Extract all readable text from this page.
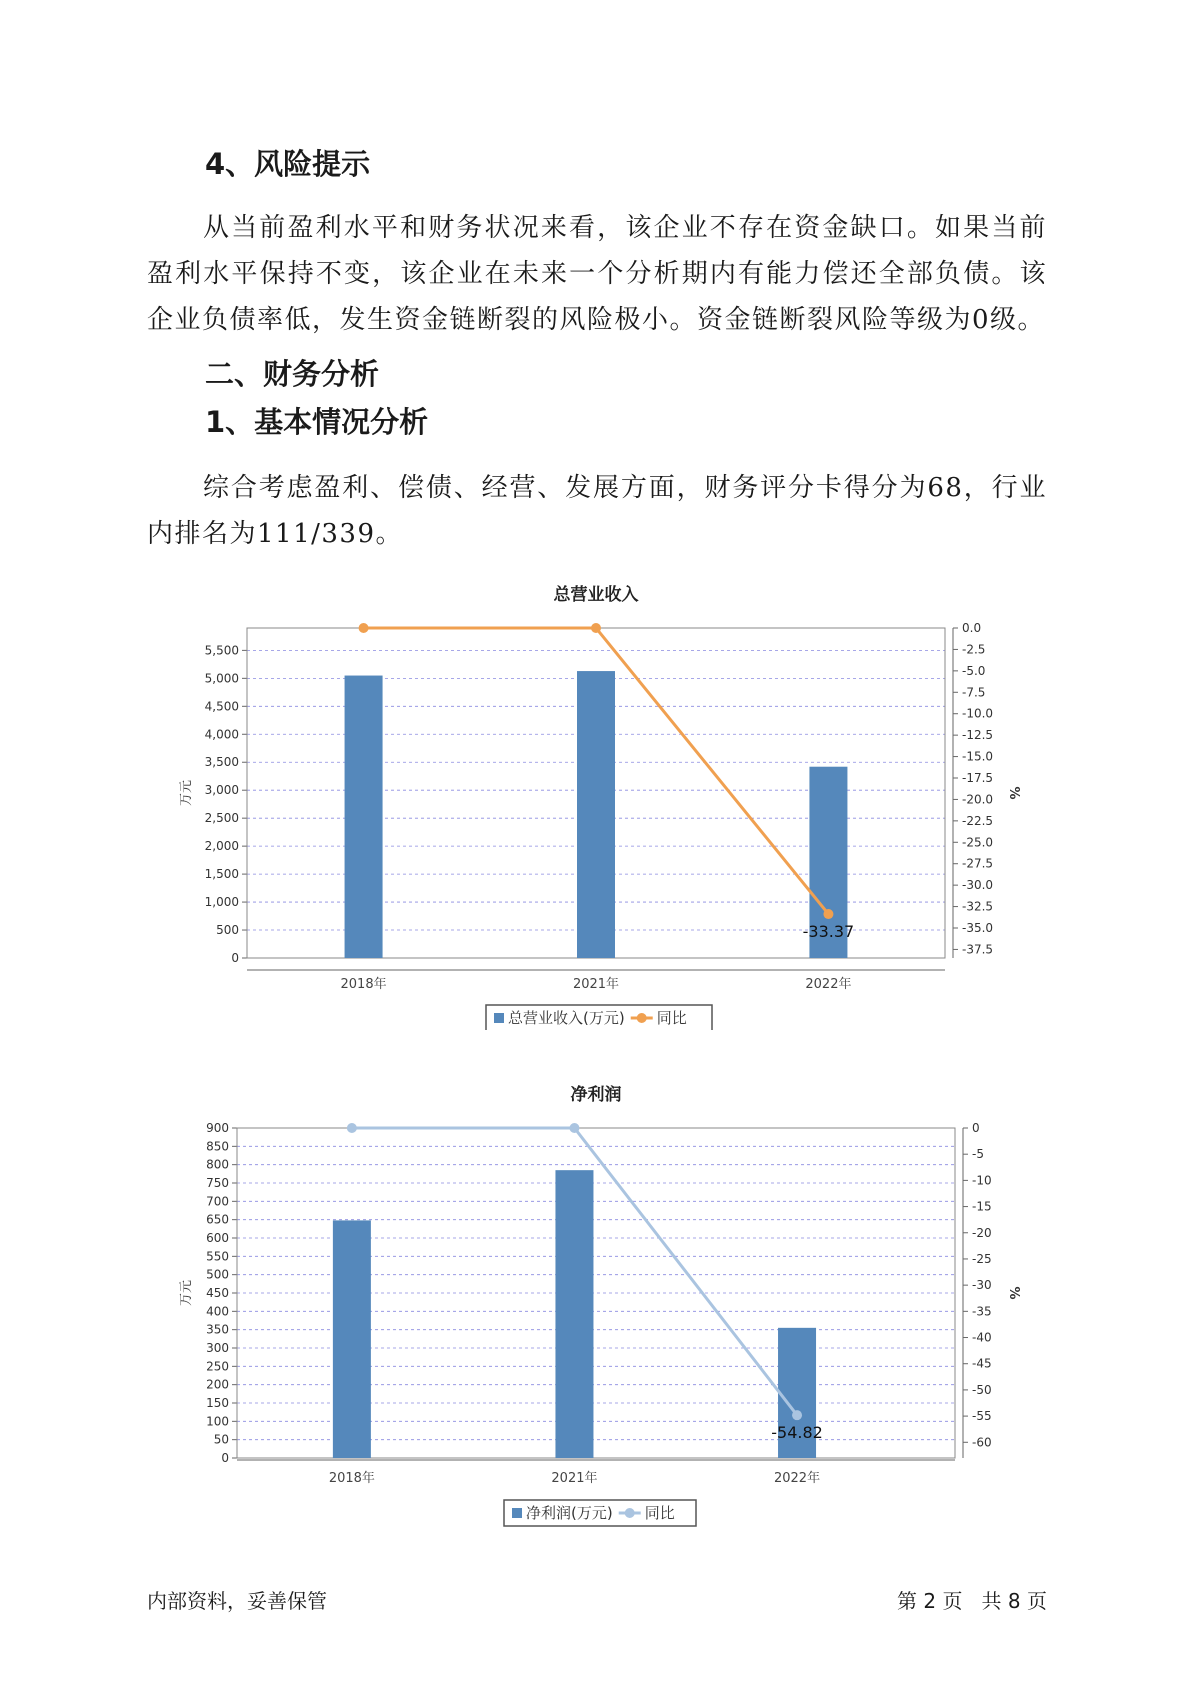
4、风险提示

从当前盈利水平和财务状况来看，该企业不存在资金缺口。如果当前盈利水平保持不变，该企业在未来一个分析期内有能力偿还全部负债。该企业负债率低，发生资金链断裂的风险极小。资金链断裂风险等级为0级。

二、财务分析
1、基本情况分析

综合考虑盈利、偿债、经营、发展方面，财务评分卡得分为68，行业内排名为111/339。

总营业收入
0
500
1,000
1,500
2,000
2,500
3,000
3,500
4,000
4,500
5,000
5,500
0.0
-2.5
-5.0
-7.5
-10.0
-12.5
-15.0
-17.5
-20.0
-22.5
-25.0
-27.5
-30.0
-32.5
-35.0
-37.5
万元	%
2018年	2021年	2022年
-33.37
总营业收入(万元) 同比
净利润
0
50
100
150
200
250
300
350
400
450
500
550
600
650
700
750
800
850
900	0
-5
-10
-15
-20
-25
-30
-35
-40
-45
-50
-55
-60
万元	%
2018年	2021年	2022年
-54.82
净利润(万元) 同比
内部资料，妥善保管	第 2 页   共 8 页
